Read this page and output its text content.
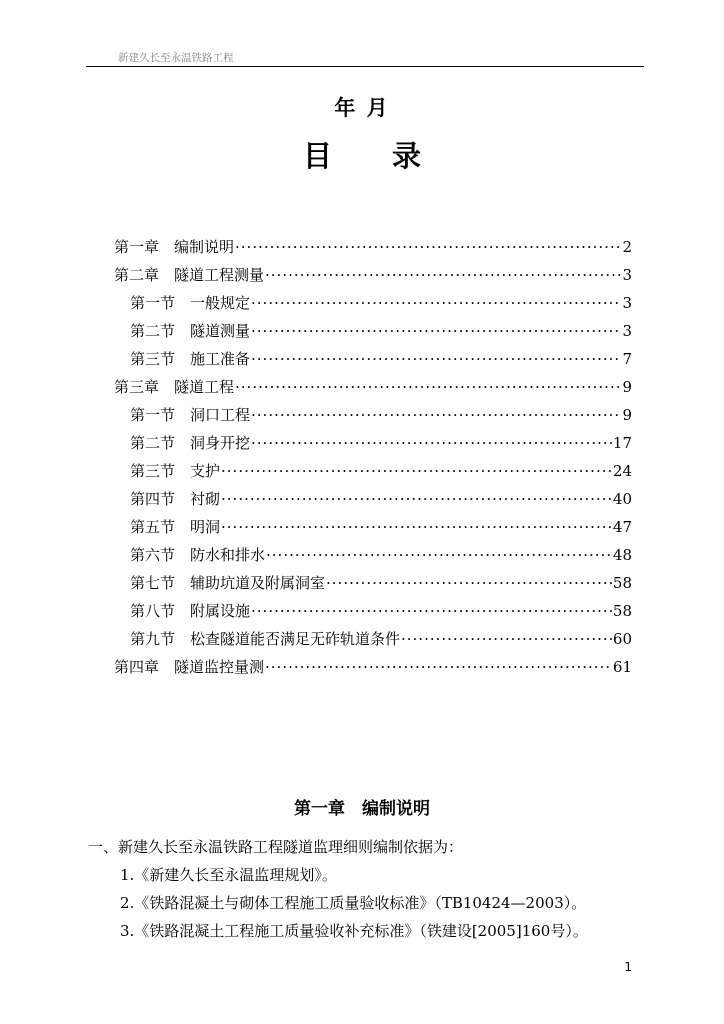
新建久长至永温铁路工程
年 月
目录
第一章　编制说明 ·····	2
第二章　隧道工程测量 ·····	3
第一节　一般规定 ·····	3
第二节　隧道测量 ·····	3
第三节　施工准备 ·····	7
第三章　隧道工程 ·····	9
第一节　洞口工程 ·····	9
第二节　洞身开挖 ·····	17
第三节　支护 ·····	24
第四节　衬砌 ·····	40
第五节　明洞 ·····	47
第六节　防水和排水 ·····	48
第七节　辅助坑道及附属洞室 ·····	58
第八节　附属设施 ·····	58
第九节　松查隧道能否满足无砟轨道条件 ·····	60
第四章　隧道监控量测 ·····	61
第一章　编制说明
一、新建久长至永温铁路工程隧道监理细则编制依据为：
1.《新建久长至永温监理规划》。
2.《铁路混凝土与砌体工程施工质量验收标准》（TB10424—2003）。
3.《铁路混凝土工程施工质量验收补充标准》（铁建设[2005]160号）。
1
